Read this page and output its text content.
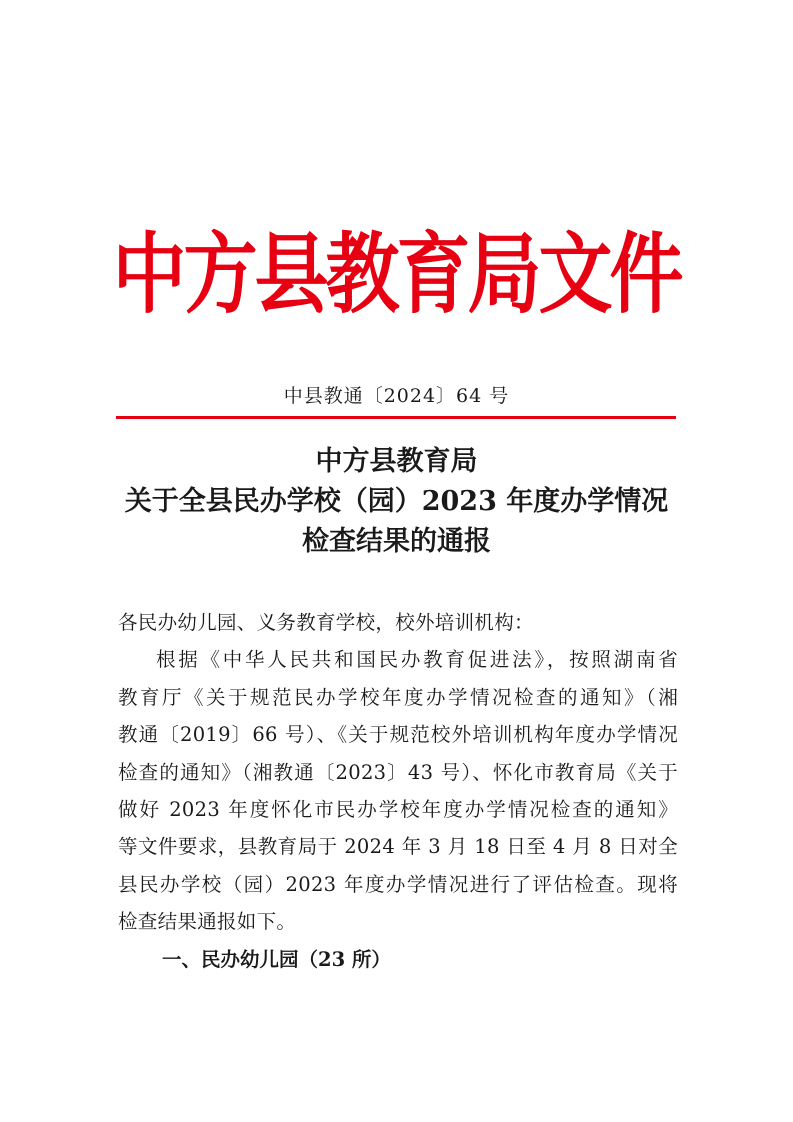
中方县教育局文件
中县教通〔2024〕64 号
中方县教育局
关于全县民办学校（园）2023 年度办学情况
检查结果的通报
各民办幼儿园、义务教育学校，校外培训机构：
根据《中华人民共和国民办教育促进法》，按照湖南省
教育厅《关于规范民办学校年度办学情况检查的通知》（湘
教通〔2019〕66 号）、《关于规范校外培训机构年度办学情况
检查的通知》（湘教通〔2023〕43 号）、怀化市教育局《关于
做好 2023 年度怀化市民办学校年度办学情况检查的通知》
等文件要求，县教育局于 2024 年 3 月 18 日至 4 月 8 日对全
县民办学校（园）2023 年度办学情况进行了评估检查。现将
检查结果通报如下。
一、民办幼儿园（23 所）
